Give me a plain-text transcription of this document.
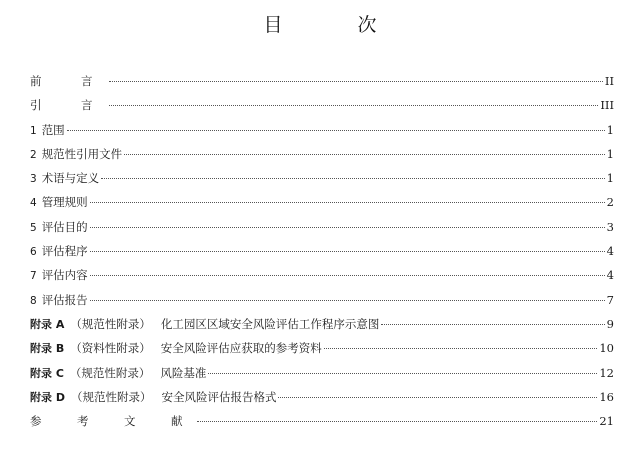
目　次
前　言	II
引　言	III
1 范围	1
2 规范性引用文件	1
3 术语与定义	1
4 管理规则	2
5 评估目的	3
6 评估程序	4
7 评估内容	4
8 评估报告	7
附录 A （规范性附录） 化工园区区域安全风险评估工作程序示意图	9
附录 B （资料性附录） 安全风险评估应获取的参考资料	10
附录 C （规范性附录） 风险基准	12
附录 D （规范性附录） 安全风险评估报告格式	16
参　考　文　献	21
